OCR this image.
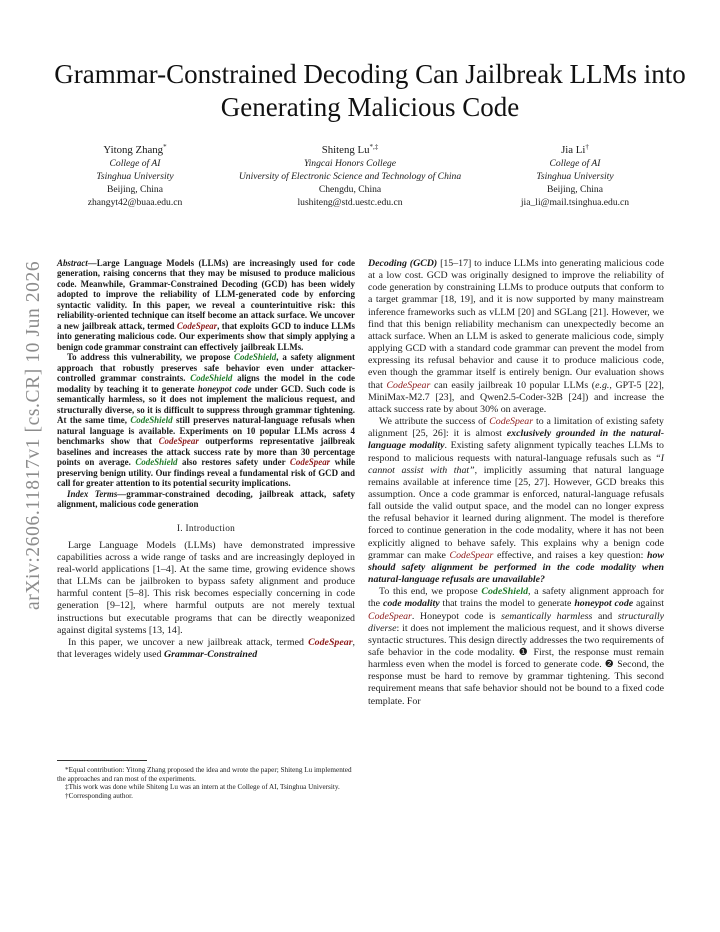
arXiv:2606.11817v1 [cs.CR] 10 Jun 2026
Grammar-Constrained Decoding Can Jailbreak LLMs into Generating Malicious Code
Yitong Zhang*
College of AI
Tsinghua University
Beijing, China
zhangyt42@buaa.edu.cn
Shiteng Lu*,‡
Yingcai Honors College
University of Electronic Science and Technology of China
Chengdu, China
lushiteng@std.uestc.edu.cn
Jia Li†
College of AI
Tsinghua University
Beijing, China
jia_li@mail.tsinghua.edu.cn

Abstract—Large Language Models (LLMs) are increasingly used for code generation, raising concerns that they may be misused to produce malicious code. Meanwhile, Grammar-Constrained Decoding (GCD) has been widely adopted to improve the reliability of LLM-generated code by enforcing syntactic validity. In this paper, we reveal a counterintuitive risk: this reliability-oriented technique can itself become an attack surface. We uncover a new jailbreak attack, termed CodeSpear, that exploits GCD to induce LLMs into generating malicious code. Our experiments show that simply applying a benign code grammar constraint can effectively jailbreak LLMs.

To address this vulnerability, we propose CodeShield, a safety alignment approach that robustly preserves safe behavior even under attacker-controlled grammar constraints. CodeShield aligns the model in the code modality by teaching it to generate honeypot code under GCD. Such code is semantically harmless, so it does not implement the malicious request, and structurally diverse, so it is difficult to suppress through grammar tightening. At the same time, CodeShield still preserves natural-language refusals when natural language is available. Experiments on 10 popular LLMs across 4 benchmarks show that CodeSpear outperforms representative jailbreak baselines and increases the attack success rate by more than 30 percentage points on average. CodeShield also restores safety under CodeSpear while preserving benign utility. Our findings reveal a fundamental risk of GCD and call for greater attention to its potential security implications.

Index Terms—grammar-constrained decoding, jailbreak attack, safety alignment, malicious code generation

I. Introduction

Large Language Models (LLMs) have demonstrated impressive capabilities across a wide range of tasks and are increasingly deployed in real-world applications [1–4]. At the same time, growing evidence shows that LLMs can be jailbroken to bypass safety alignment and produce harmful content [5–8]. This risk becomes especially concerning in code generation [9–12], where harmful outputs are not merely textual instructions but executable programs that can be directly weaponized against digital systems [13, 14].

In this paper, we uncover a new jailbreak attack, termed CodeSpear, that leverages widely used Grammar-Constrained

*Equal contribution: Yitong Zhang proposed the idea and wrote the paper; Shiteng Lu implemented the approaches and ran most of the experiments.

‡This work was done while Shiteng Lu was an intern at the College of AI, Tsinghua University.

†Corresponding author.

Decoding (GCD) [15–17] to induce LLMs into generating malicious code at a low cost. GCD was originally designed to improve the reliability of code generation by constraining LLMs to produce outputs that conform to a target grammar [18, 19], and it is now supported by many mainstream inference frameworks such as vLLM [20] and SGLang [21]. However, we find that this benign reliability mechanism can unexpectedly become an attack surface. When an LLM is asked to generate malicious code, simply applying GCD with a standard code grammar can prevent the model from expressing its refusal behavior and cause it to produce malicious code, even though the grammar itself is entirely benign. Our evaluation shows that CodeSpear can easily jailbreak 10 popular LLMs (e.g., GPT-5 [22], MiniMax-M2.7 [23], and Qwen2.5-Coder-32B [24]) and increase the attack success rate by about 30% on average.

We attribute the success of CodeSpear to a limitation of existing safety alignment [25, 26]: it is almost exclusively grounded in the natural-language modality. Existing safety alignment typically teaches LLMs to respond to malicious requests with natural-language refusals such as “I cannot assist with that”, implicitly assuming that natural language remains available at inference time [25, 27]. However, GCD breaks this assumption. Once a code grammar is enforced, natural-language refusals fall outside the valid output space, and the model can no longer express the refusal behavior it learned during alignment. The model is therefore forced to continue generation in the code modality, where it has not been explicitly aligned to behave safely. This explains why a benign code grammar can make CodeSpear effective, and raises a key question: how should safety alignment be performed in the code modality when natural-language refusals are unavailable?

To this end, we propose CodeShield, a safety alignment approach for the code modality that trains the model to generate honeypot code against CodeSpear. Honeypot code is semantically harmless and structurally diverse: it does not implement the malicious request, and it shows diverse syntactic structures. This design directly addresses the two requirements of safe behavior in the code modality. ❶ First, the response must remain harmless even when the model is forced to generate code. ❷ Second, the response must be hard to remove by grammar tightening. This second requirement means that safe behavior should not be bound to a fixed code template. For
